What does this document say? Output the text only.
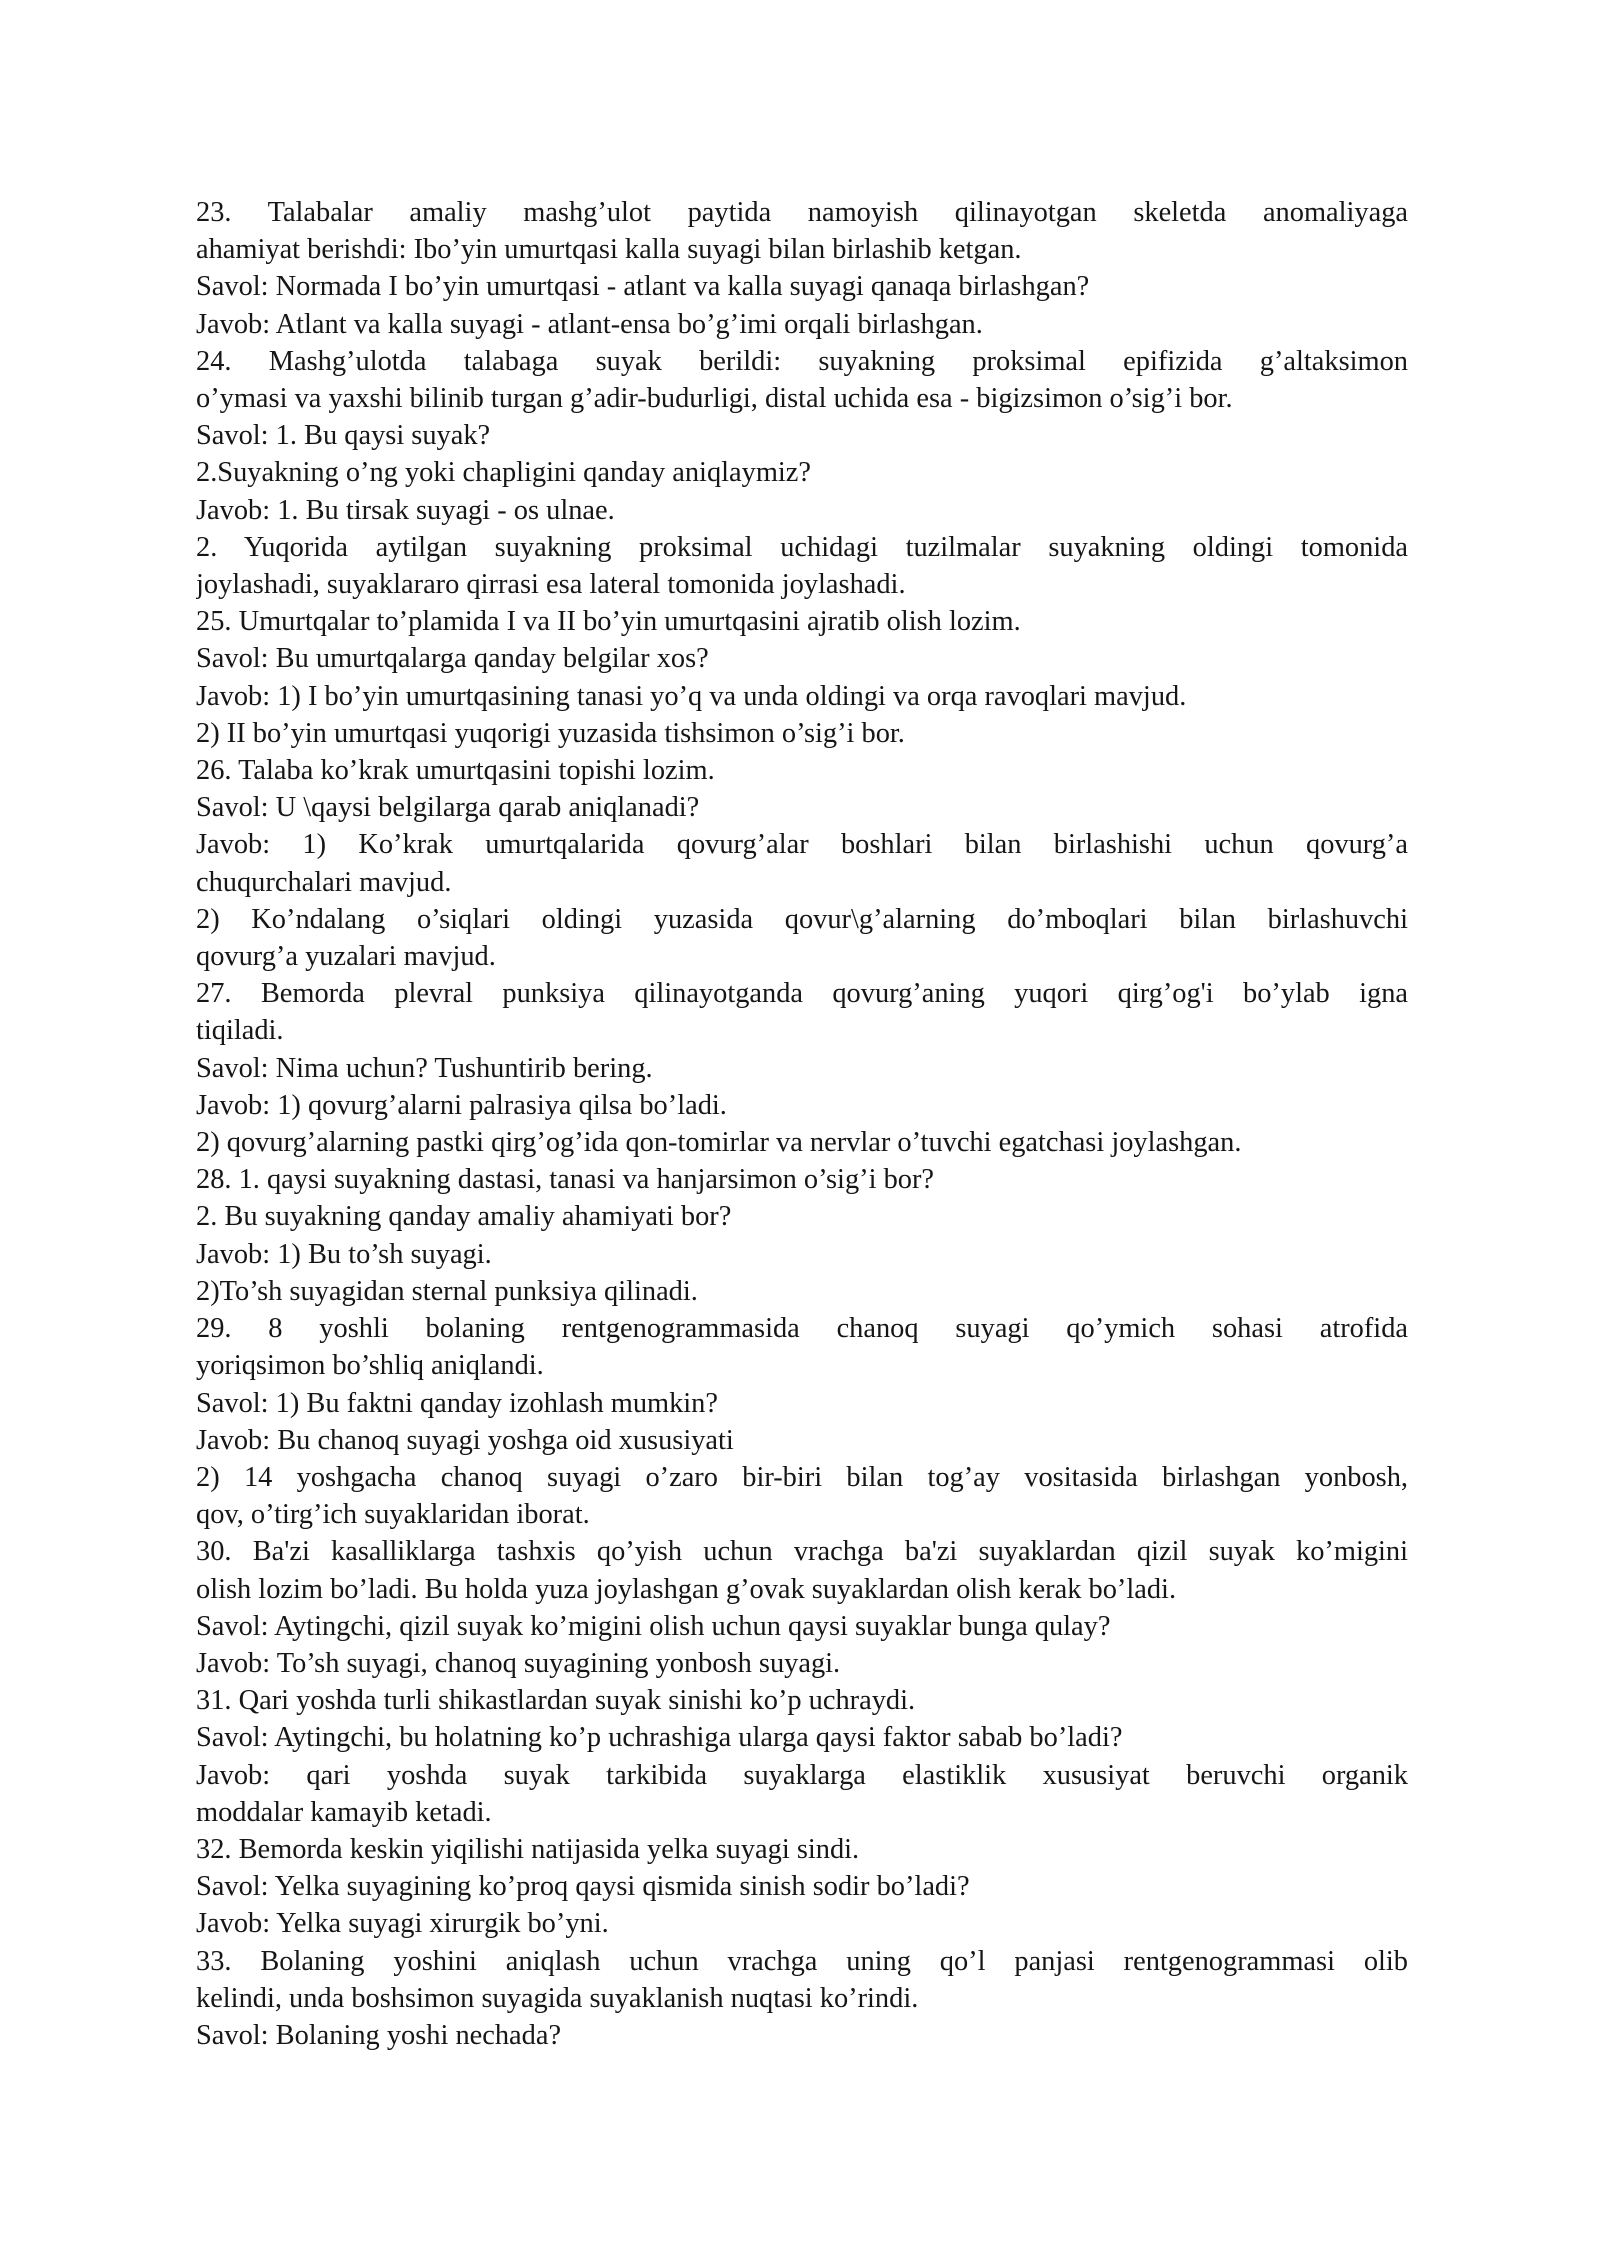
23. Talabalar amaliy mashg’ulot paytida namoyish qilinayotgan skeletda anomaliyaga
ahamiyat berishdi: Ibo’yin umurtqasi kalla suyagi bilan birlashib ketgan.
Savol: Normada I bo’yin umurtqasi - atlant va kalla suyagi qanaqa birlashgan?
Javob: Atlant va kalla suyagi - atlant-ensa bo’g’imi orqali birlashgan.
24. Mashg’ulotda talabaga suyak berildi: suyakning proksimal epifizida g’altaksimon
o’ymasi va yaxshi bilinib turgan g’adir-budurligi, distal uchida esa - bigizsimon o’sig’i bor.
Savol: 1. Bu qaysi suyak?
2.Suyakning o’ng yoki chapligini qanday aniqlaymiz?
Javob: 1. Bu tirsak suyagi - os ulnae.
2. Yuqorida aytilgan suyakning proksimal uchidagi tuzilmalar suyakning oldingi tomonida
joylashadi, suyaklararo qirrasi esa lateral tomonida joylashadi.
25. Umurtqalar to’plamida I va II bo’yin umurtqasini ajratib olish lozim.
Savol: Bu umurtqalarga qanday belgilar xos?
Javob: 1) I bo’yin umurtqasining tanasi yo’q va unda oldingi va orqa ravoqlari mavjud.
2) II bo’yin umurtqasi yuqorigi yuzasida tishsimon o’sig’i bor.
26. Talaba ko’krak umurtqasini topishi lozim.
Savol: U \qaysi belgilarga qarab aniqlanadi?
Javob: 1) Ko’krak umurtqalarida qovurg’alar boshlari bilan birlashishi uchun qovurg’a
chuqurchalari mavjud.
2) Ko’ndalang o’siqlari oldingi yuzasida qovur\g’alarning do’mboqlari bilan birlashuvchi
qovurg’a yuzalari mavjud.
27. Bemorda plevral punksiya qilinayotganda qovurg’aning yuqori qirg’og'i bo’ylab igna
tiqiladi.
Savol: Nima uchun? Tushuntirib bering.
Javob: 1) qovurg’alarni palrasiya qilsa bo’ladi.
2) qovurg’alarning pastki qirg’og’ida qon-tomirlar va nervlar o’tuvchi egatchasi joylashgan.
28. 1. qaysi suyakning dastasi, tanasi va hanjarsimon o’sig’i bor?
2. Bu suyakning qanday amaliy ahamiyati bor?
Javob: 1) Bu to’sh suyagi.
2)To’sh suyagidan sternal punksiya qilinadi.
29. 8 yoshli bolaning rentgenogrammasida chanoq suyagi qo’ymich sohasi atrofida
yoriqsimon bo’shliq aniqlandi.
Savol: 1) Bu faktni qanday izohlash mumkin?
Javob: Bu chanoq suyagi yoshga oid xususiyati
2) 14 yoshgacha chanoq suyagi o’zaro bir-biri bilan tog’ay vositasida birlashgan yonbosh,
qov, o’tirg’ich suyaklaridan iborat.
30. Ba'zi kasalliklarga tashxis qo’yish uchun vrachga ba'zi suyaklardan qizil suyak ko’migini
olish lozim bo’ladi. Bu holda yuza joylashgan g’ovak suyaklardan olish kerak bo’ladi.
Savol: Aytingchi, qizil suyak ko’migini olish uchun qaysi suyaklar bunga qulay?
Javob: To’sh suyagi, chanoq suyagining yonbosh suyagi.
31. Qari yoshda turli shikastlardan suyak sinishi ko’p uchraydi.
Savol: Aytingchi, bu holatning ko’p uchrashiga ularga qaysi faktor sabab bo’ladi?
Javob: qari yoshda suyak tarkibida suyaklarga elastiklik xususiyat beruvchi organik
moddalar kamayib ketadi.
32. Bemorda keskin yiqilishi natijasida yelka suyagi sindi.
Savol: Yelka suyagining ko’proq qaysi qismida sinish sodir bo’ladi?
Javob: Yelka suyagi xirurgik bo’yni.
33. Bolaning yoshini aniqlash uchun vrachga uning qo’l panjasi rentgenogrammasi olib
kelindi, unda boshsimon suyagida suyaklanish nuqtasi ko’rindi.
Savol: Bolaning yoshi nechada?
